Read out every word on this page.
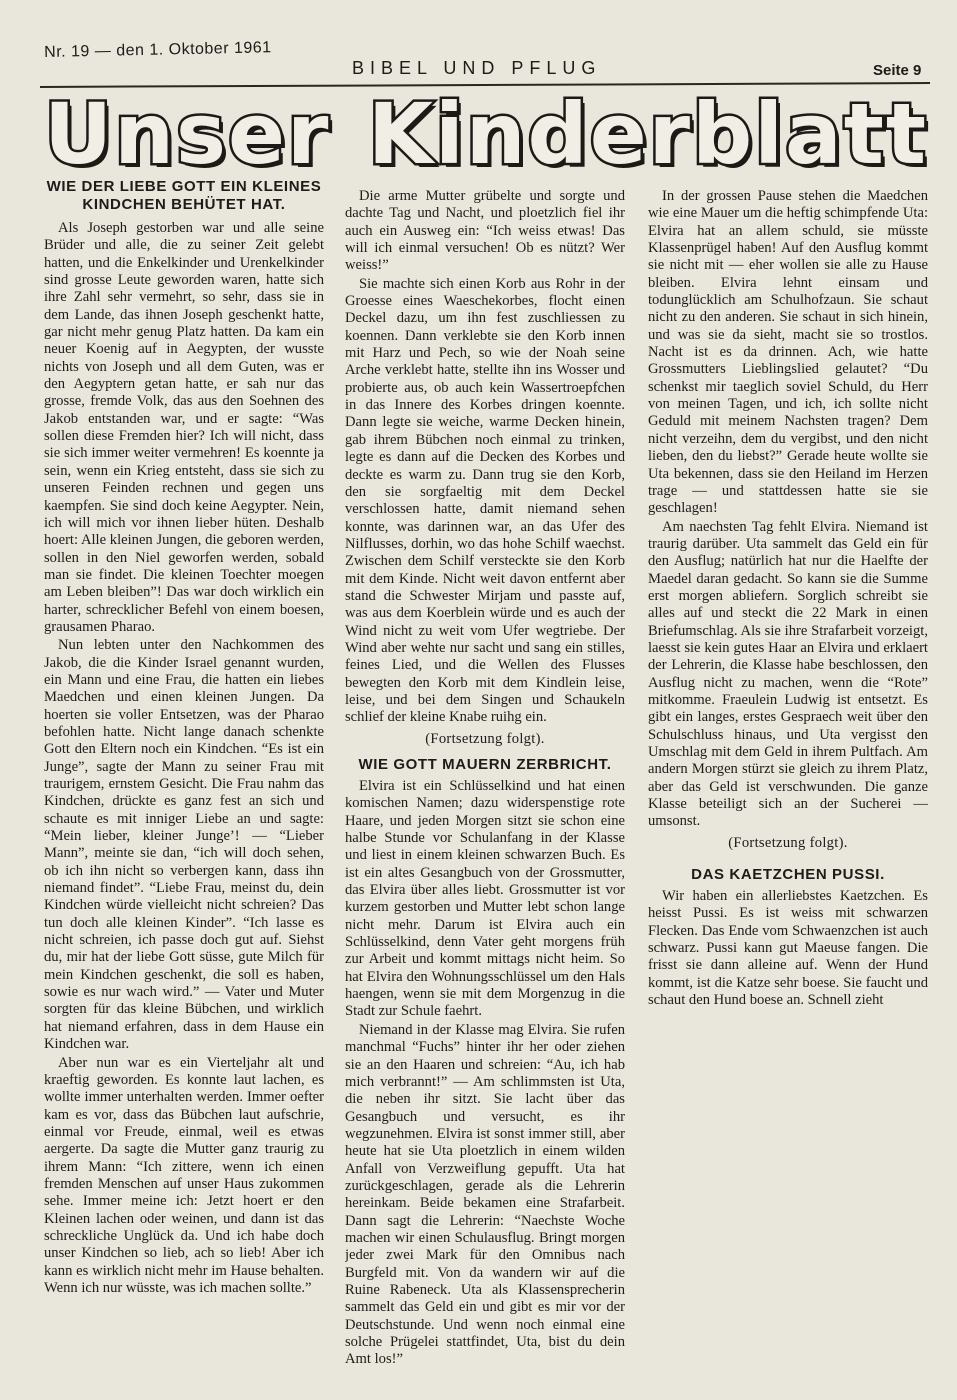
Nr. 19 — den 1. Oktober 1961
BIBEL UND PFLUG	Seite 9
Unser Kinderblatt
WIE DER LIEBE GOTT EIN KLEINES KINDCHEN BEHÜTET HAT.

Als Joseph gestorben war und alle seine Brüder und alle, die zu seiner Zeit gelebt hatten, und die Enkelkinder und Urenkelkinder sind grosse Leute geworden waren, hatte sich ihre Zahl sehr vermehrt, so sehr, dass sie in dem Lande, das ihnen Joseph geschenkt hatte, gar nicht mehr genug Platz hatten. Da kam ein neuer Koenig auf in Aegypten, der wusste nichts von Joseph und all dem Guten, was er den Aegyptern getan hatte, er sah nur das grosse, fremde Volk, das aus den Soehnen des Jakob entstanden war, und er sagte: “Was sollen diese Fremden hier? Ich will nicht, dass sie sich immer weiter vermehren! Es koennte ja sein, wenn ein Krieg entsteht, dass sie sich zu unseren Feinden rechnen und gegen uns kaempfen. Sie sind doch keine Aegypter. Nein, ich will mich vor ihnen lieber hüten. Deshalb hoert: Alle kleinen Jungen, die geboren werden, sollen in den Niel geworfen werden, sobald man sie findet. Die kleinen Toechter moegen am Leben bleiben”! Das war doch wirklich ein harter, schrecklicher Befehl von einem boesen, grausamen Pharao.

Nun lebten unter den Nachkommen des Jakob, die die Kinder Israel genannt wurden, ein Mann und eine Frau, die hatten ein liebes Maedchen und einen kleinen Jungen. Da hoerten sie voller Entsetzen, was der Pharao befohlen hatte. Nicht lange danach schenkte Gott den Eltern noch ein Kindchen. “Es ist ein Junge”, sagte der Mann zu seiner Frau mit traurigem, ernstem Gesicht. Die Frau nahm das Kindchen, drückte es ganz fest an sich und schaute es mit inniger Liebe an und sagte: “Mein lieber, kleiner Junge’! — “Lieber Mann”, meinte sie dan, “ich will doch sehen, ob ich ihn nicht so verbergen kann, dass ihn niemand findet”. “Liebe Frau, meinst du, dein Kindchen würde vielleicht nicht schreien? Das tun doch alle kleinen Kinder”. “Ich lasse es nicht schreien, ich passe doch gut auf. Siehst du, mir hat der liebe Gott süsse, gute Milch für mein Kindchen geschenkt, die soll es haben, sowie es nur wach wird.” — Vater und Muter sorgten für das kleine Bübchen, und wirklich hat niemand erfahren, dass in dem Hause ein Kindchen war.

Aber nun war es ein Vierteljahr alt und kraeftig geworden. Es konnte laut lachen, es wollte immer unterhalten werden. Immer oefter kam es vor, dass das Bübchen laut aufschrie, einmal vor Freude, einmal, weil es etwas aergerte. Da sagte die Mutter ganz traurig zu ihrem Mann: “Ich zittere, wenn ich einen fremden Menschen auf unser Haus zukommen sehe. Immer meine ich: Jetzt hoert er den Kleinen lachen oder weinen, und dann ist das schreckliche Unglück da. Und ich habe doch unser Kindchen so lieb, ach so lieb! Aber ich kann es wirklich nicht mehr im Hause behalten. Wenn ich nur wüsste, was ich machen sollte.”

Die arme Mutter grübelte und sorgte und dachte Tag und Nacht, und ploetzlich fiel ihr auch ein Ausweg ein: “Ich weiss etwas! Das will ich einmal versuchen! Ob es nützt? Wer weiss!”

Sie machte sich einen Korb aus Rohr in der Groesse eines Waeschekorbes, flocht einen Deckel dazu, um ihn fest zuschliessen zu koennen. Dann verklebte sie den Korb innen mit Harz und Pech, so wie der Noah seine Arche verklebt hatte, stellte ihn ins Wosser und probierte aus, ob auch kein Wassertroepfchen in das Innere des Korbes dringen koennte. Dann legte sie weiche, warme Decken hinein, gab ihrem Bübchen noch einmal zu trinken, legte es dann auf die Decken des Korbes und deckte es warm zu. Dann trug sie den Korb, den sie sorgfaeltig mit dem Deckel verschlossen hatte, damit niemand sehen konnte, was darinnen war, an das Ufer des Nilflusses, dorhin, wo das hohe Schilf waechst. Zwischen dem Schilf versteckte sie den Korb mit dem Kinde. Nicht weit davon entfernt aber stand die Schwester Mirjam und passte auf, was aus dem Koerblein würde und es auch der Wind nicht zu weit vom Ufer wegtriebe. Der Wind aber wehte nur sacht und sang ein stilles, feines Lied, und die Wellen des Flusses bewegten den Korb mit dem Kindlein leise, leise, und bei dem Singen und Schaukeln schlief der kleine Knabe ruihg ein.

(Fortsetzung folgt).
WIE GOTT MAUERN ZERBRICHT.

Elvira ist ein Schlüsselkind und hat einen komischen Namen; dazu widerspenstige rote Haare, und jeden Morgen sitzt sie schon eine halbe Stunde vor Schulanfang in der Klasse und liest in einem kleinen schwarzen Buch. Es ist ein altes Gesangbuch von der Grossmutter, das Elvira über alles liebt. Grossmutter ist vor kurzem gestorben und Mutter lebt schon lange nicht mehr. Darum ist Elvira auch ein Schlüsselkind, denn Vater geht morgens früh zur Arbeit und kommt mittags nicht heim. So hat Elvira den Wohnungsschlüssel um den Hals haengen, wenn sie mit dem Morgenzug in die Stadt zur Schule faehrt.

Niemand in der Klasse mag Elvira. Sie rufen manchmal “Fuchs” hinter ihr her oder ziehen sie an den Haaren und schreien: “Au, ich hab mich verbrannt!” — Am schlimmsten ist Uta, die neben ihr sitzt. Sie lacht über das Gesangbuch und versucht, es ihr wegzunehmen. Elvira ist sonst immer still, aber heute hat sie Uta ploetzlich in einem wilden Anfall von Verzweiflung gepufft. Uta hat zurückgeschlagen, gerade als die Lehrerin hereinkam. Beide bekamen eine Strafarbeit. Dann sagt die Lehrerin: “Naechste Woche machen wir einen Schulausflug. Bringt morgen jeder zwei Mark für den Omnibus nach Burgfeld mit. Von da wandern wir auf die Ruine Rabeneck. Uta als Klassensprecherin sammelt das Geld ein und gibt es mir vor der Deutschstunde. Und wenn noch einmal eine solche Prügelei stattfindet, Uta, bist du dein Amt los!”

In der grossen Pause stehen die Maedchen wie eine Mauer um die heftig schimpfende Uta: Elvira hat an allem schuld, sie müsste Klassenprügel haben! Auf den Ausflug kommt sie nicht mit — eher wollen sie alle zu Hause bleiben. Elvira lehnt einsam und todunglücklich am Schulhofzaun. Sie schaut nicht zu den anderen. Sie schaut in sich hinein, und was sie da sieht, macht sie so trostlos. Nacht ist es da drinnen. Ach, wie hatte Grossmutters Lieblingslied gelautet? “Du schenkst mir taeglich soviel Schuld, du Herr von meinen Tagen, und ich, ich sollte nicht Geduld mit meinem Nachsten tragen? Dem nicht verzeihn, dem du vergibst, und den nicht lieben, den du liebst?” Gerade heute wollte sie Uta bekennen, dass sie den Heiland im Herzen trage — und stattdessen hatte sie sie geschlagen!

Am naechsten Tag fehlt Elvira. Niemand ist traurig darüber. Uta sammelt das Geld ein für den Ausflug; natürlich hat nur die Haelfte der Maedel daran gedacht. So kann sie die Summe erst morgen abliefern. Sorglich schreibt sie alles auf und steckt die 22 Mark in einen Briefumschlag. Als sie ihre Strafarbeit vorzeigt, laesst sie kein gutes Haar an Elvira und erklaert der Lehrerin, die Klasse habe beschlossen, den Ausflug nicht zu machen, wenn die “Rote” mitkomme. Fraeulein Ludwig ist entsetzt. Es gibt ein langes, erstes Gespraech weit über den Schulschluss hinaus, und Uta vergisst den Umschlag mit dem Geld in ihrem Pultfach. Am andern Morgen stürzt sie gleich zu ihrem Platz, aber das Geld ist verschwunden. Die ganze Klasse beteiligt sich an der Sucherei — umsonst.

(Fortsetzung folgt).
DAS KAETZCHEN PUSSI.

Wir haben ein allerliebstes Kaetzchen. Es heisst Pussi. Es ist weiss mit schwarzen Flecken. Das Ende vom Schwaenzchen ist auch schwarz. Pussi kann gut Maeuse fangen. Die frisst sie dann alleine auf. Wenn der Hund kommt, ist die Katze sehr boese. Sie faucht und schaut den Hund boese an. Schnell zieht
